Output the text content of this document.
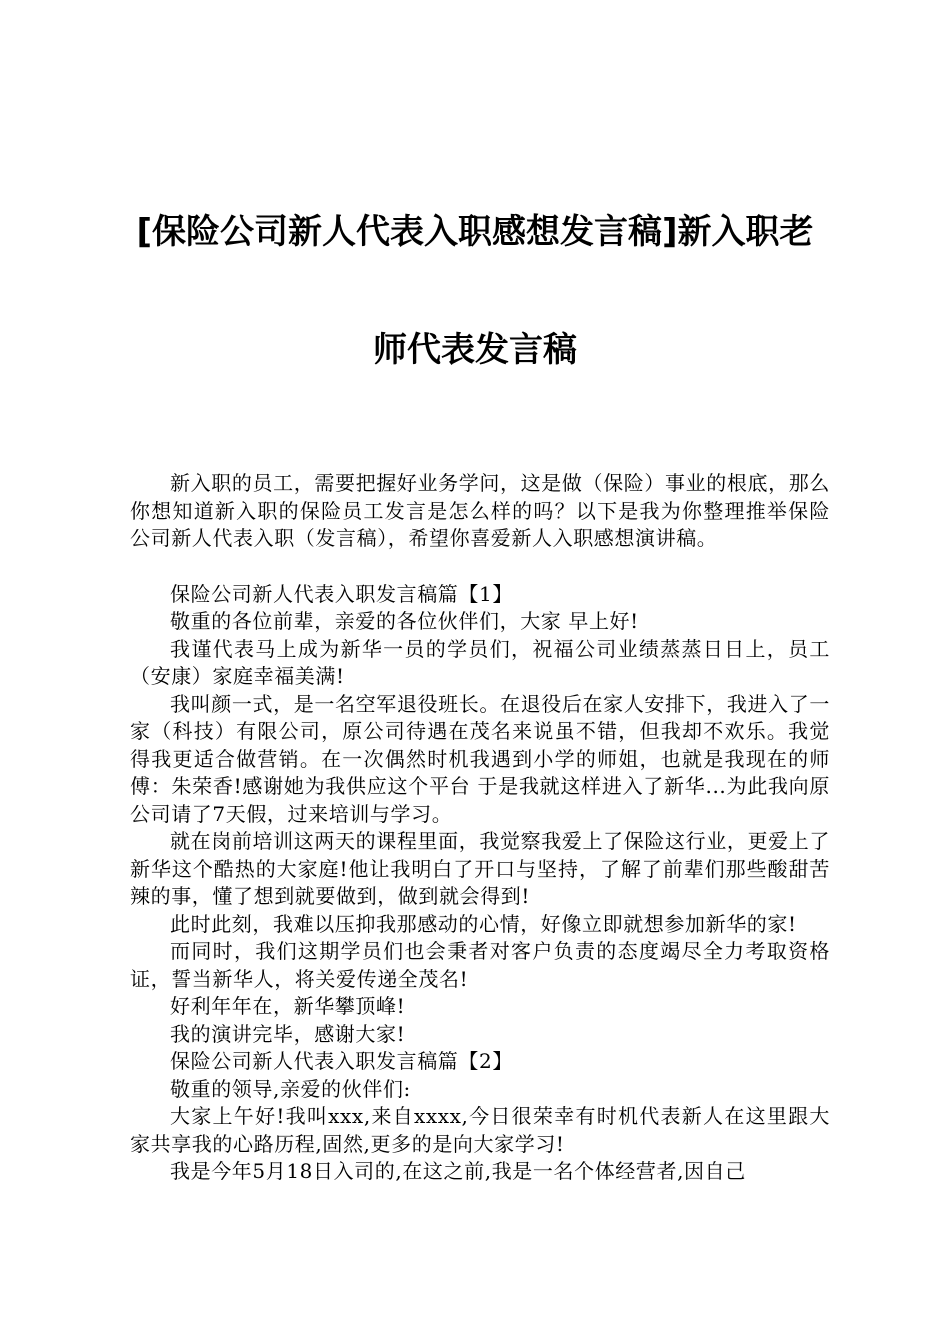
[保险公司新人代表入职感想发言稿]新入职老
师代表发言稿

新入职的员工，需要把握好业务学问，这是做（保险）事业的根底，那么你想知道新入职的保险员工发言是怎么样的吗？以下是我为你整理推举保险公司新人代表入职（发言稿），希望你喜爱新人入职感想演讲稿。

保险公司新人代表入职发言稿篇【1】

敬重的各位前辈，亲爱的各位伙伴们，大家 早上好!

我谨代表马上成为新华一员的学员们，祝福公司业绩蒸蒸日日上，员工（安康）家庭幸福美满!

我叫颜一式，是一名空军退役班长。在退役后在家人安排下，我进入了一家（科技）有限公司，原公司待遇在茂名来说虽不错，但我却不欢乐。我觉得我更适合做营销。在一次偶然时机我遇到小学的师姐，也就是我现在的师傅：朱荣香!感谢她为我供应这个平台 于是我就这样进入了新华...为此我向原公司请了7天假，过来培训与学习。

就在岗前培训这两天的课程里面，我觉察我爱上了保险这行业，更爱上了新华这个酷热的大家庭!他让我明白了开口与坚持，了解了前辈们那些酸甜苦辣的事，懂了想到就要做到，做到就会得到!

此时此刻，我难以压抑我那感动的心情，好像立即就想参加新华的家!

而同时，我们这期学员们也会秉者对客户负责的态度竭尽全力考取资格证，誓当新华人，将关爱传递全茂名!

好利年年在，新华攀顶峰!

我的演讲完毕，感谢大家!

保险公司新人代表入职发言稿篇【2】

敬重的领导,亲爱的伙伴们:

大家上午好!我叫xxx,来自xxxx,今日很荣幸有时机代表新人在这里跟大家共享我的心路历程,固然,更多的是向大家学习!

我是今年5月18日入司的,在这之前,我是一名个体经营者,因自己
